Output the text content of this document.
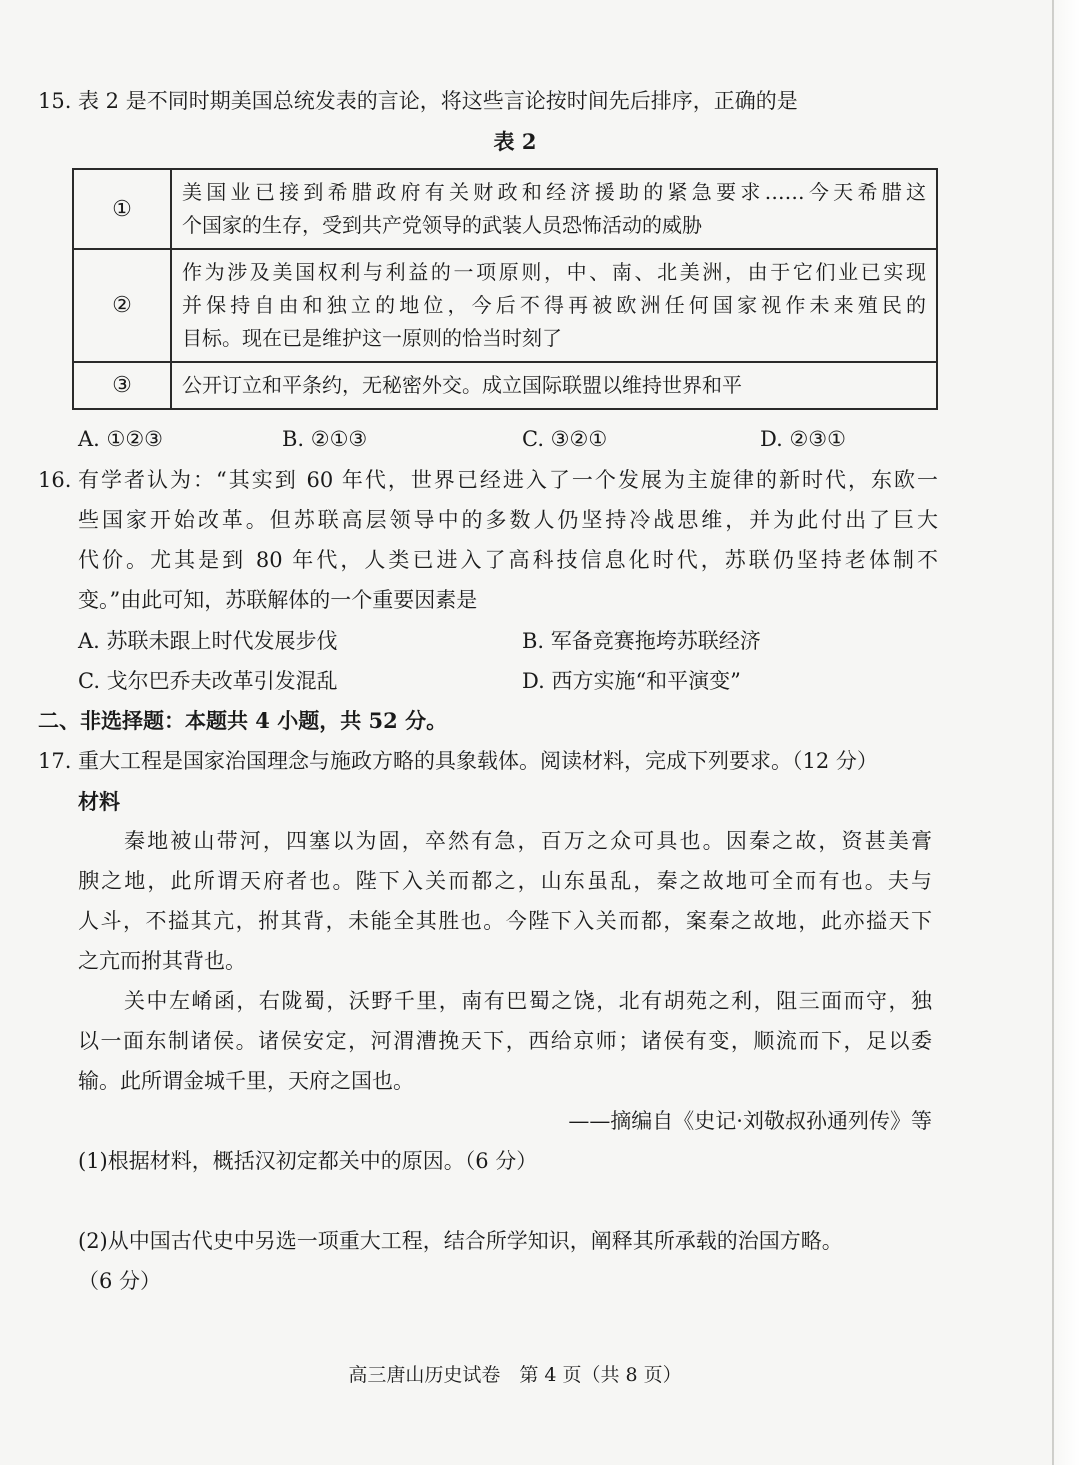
15. 表 2 是不同时期美国总统发表的言论，将这些言论按时间先后排序，正确的是
表 2
①	美国业已接到希腊政府有关财政和经济援助的紧急要求……今天希腊这
个国家的生存，受到共产党领导的武装人员恐怖活动的威胁

②	作为涉及美国权利与利益的一项原则，中、南、北美洲，由于它们业已实现
并保持自由和独立的地位，今后不得再被欧洲任何国家视作未来殖民的
目标。现在已是维护这一原则的恰当时刻了

③	公开订立和平条约，无秘密外交。成立国际联盟以维持世界和平
A. ①②③	B. ②①③	C. ③②①	D. ②③①
16. 有学者认为：“其实到 60 年代，世界已经进入了一个发展为主旋律的新时代，东欧一
些国家开始改革。但苏联高层领导中的多数人仍坚持冷战思维，并为此付出了巨大
代价。尤其是到 80 年代，人类已进入了高科技信息化时代，苏联仍坚持老体制不
变。”由此可知，苏联解体的一个重要因素是
A. 苏联未跟上时代发展步伐	B. 军备竞赛拖垮苏联经济
C. 戈尔巴乔夫改革引发混乱	D. 西方实施“和平演变”
二、非选择题：本题共 4 小题，共 52 分。
17. 重大工程是国家治国理念与施政方略的具象载体。阅读材料，完成下列要求。（12 分）
材料
秦地被山带河，四塞以为固，卒然有急，百万之众可具也。因秦之故，资甚美膏
腴之地，此所谓天府者也。陛下入关而都之，山东虽乱，秦之故地可全而有也。夫与
人斗，不搤其亢，拊其背，未能全其胜也。今陛下入关而都，案秦之故地，此亦搤天下
之亢而拊其背也。
关中左崤函，右陇蜀，沃野千里，南有巴蜀之饶，北有胡苑之利，阻三面而守，独
以一面东制诸侯。诸侯安定，河渭漕挽天下，西给京师；诸侯有变，顺流而下，足以委
输。此所谓金城千里，天府之国也。
——摘编自《史记·刘敬叔孙通列传》等
(1)根据材料，概括汉初定都关中的原因。（6 分）
(2)从中国古代史中另选一项重大工程，结合所学知识，阐释其所承载的治国方略。
（6 分）
高三唐山历史试卷　第 4 页（共 8 页）
